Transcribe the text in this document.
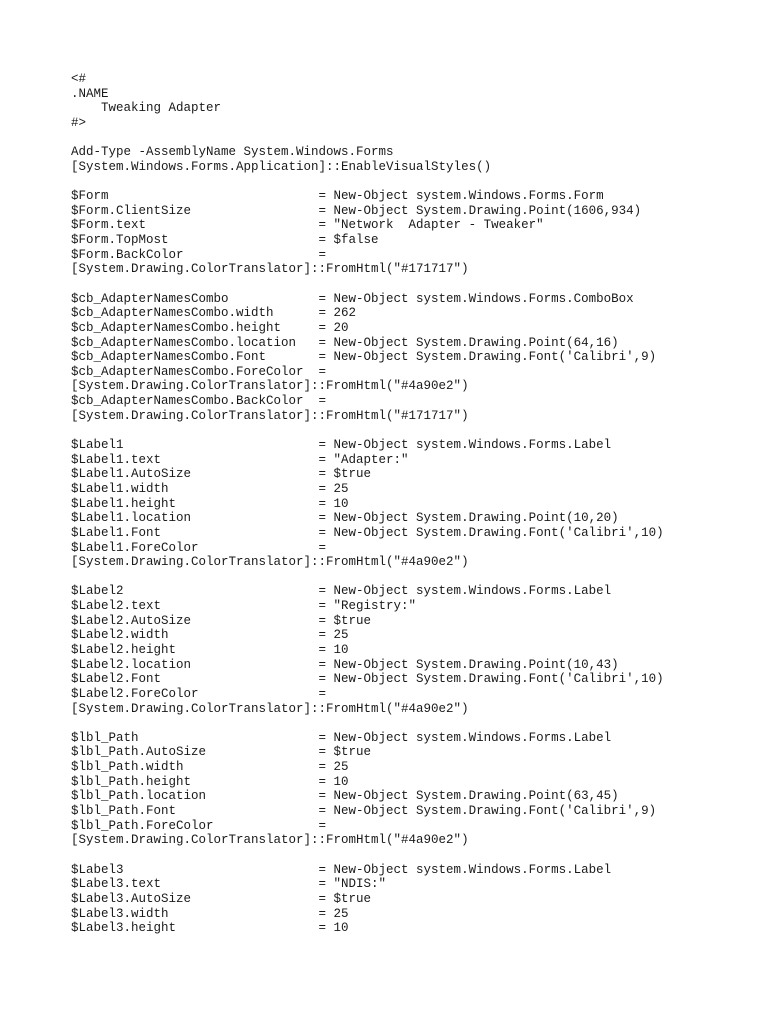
<#
.NAME
Tweaking Adapter
#>
Add-Type -AssemblyName System.Windows.Forms
[System.Windows.Forms.Application]::EnableVisualStyles()
$Form                            = New-Object system.Windows.Forms.Form
$Form.ClientSize                 = New-Object System.Drawing.Point(1606,934)
$Form.text                       = "Network  Adapter - Tweaker"
$Form.TopMost                    = $false
$Form.BackColor                  =
[System.Drawing.ColorTranslator]::FromHtml("#171717")
$cb_AdapterNamesCombo            = New-Object system.Windows.Forms.ComboBox
$cb_AdapterNamesCombo.width      = 262
$cb_AdapterNamesCombo.height     = 20
$cb_AdapterNamesCombo.location   = New-Object System.Drawing.Point(64,16)
$cb_AdapterNamesCombo.Font       = New-Object System.Drawing.Font('Calibri',9)
$cb_AdapterNamesCombo.ForeColor  =
[System.Drawing.ColorTranslator]::FromHtml("#4a90e2")
$cb_AdapterNamesCombo.BackColor  =
[System.Drawing.ColorTranslator]::FromHtml("#171717")
$Label1                          = New-Object system.Windows.Forms.Label
$Label1.text                     = "Adapter:"
$Label1.AutoSize                 = $true
$Label1.width                    = 25
$Label1.height                   = 10
$Label1.location                 = New-Object System.Drawing.Point(10,20)
$Label1.Font                     = New-Object System.Drawing.Font('Calibri',10)
$Label1.ForeColor                =
[System.Drawing.ColorTranslator]::FromHtml("#4a90e2")
$Label2                          = New-Object system.Windows.Forms.Label
$Label2.text                     = "Registry:"
$Label2.AutoSize                 = $true
$Label2.width                    = 25
$Label2.height                   = 10
$Label2.location                 = New-Object System.Drawing.Point(10,43)
$Label2.Font                     = New-Object System.Drawing.Font('Calibri',10)
$Label2.ForeColor                =
[System.Drawing.ColorTranslator]::FromHtml("#4a90e2")
$lbl_Path                        = New-Object system.Windows.Forms.Label
$lbl_Path.AutoSize               = $true
$lbl_Path.width                  = 25
$lbl_Path.height                 = 10
$lbl_Path.location               = New-Object System.Drawing.Point(63,45)
$lbl_Path.Font                   = New-Object System.Drawing.Font('Calibri',9)
$lbl_Path.ForeColor              =
[System.Drawing.ColorTranslator]::FromHtml("#4a90e2")
$Label3                          = New-Object system.Windows.Forms.Label
$Label3.text                     = "NDIS:"
$Label3.AutoSize                 = $true
$Label3.width                    = 25
$Label3.height                   = 10
